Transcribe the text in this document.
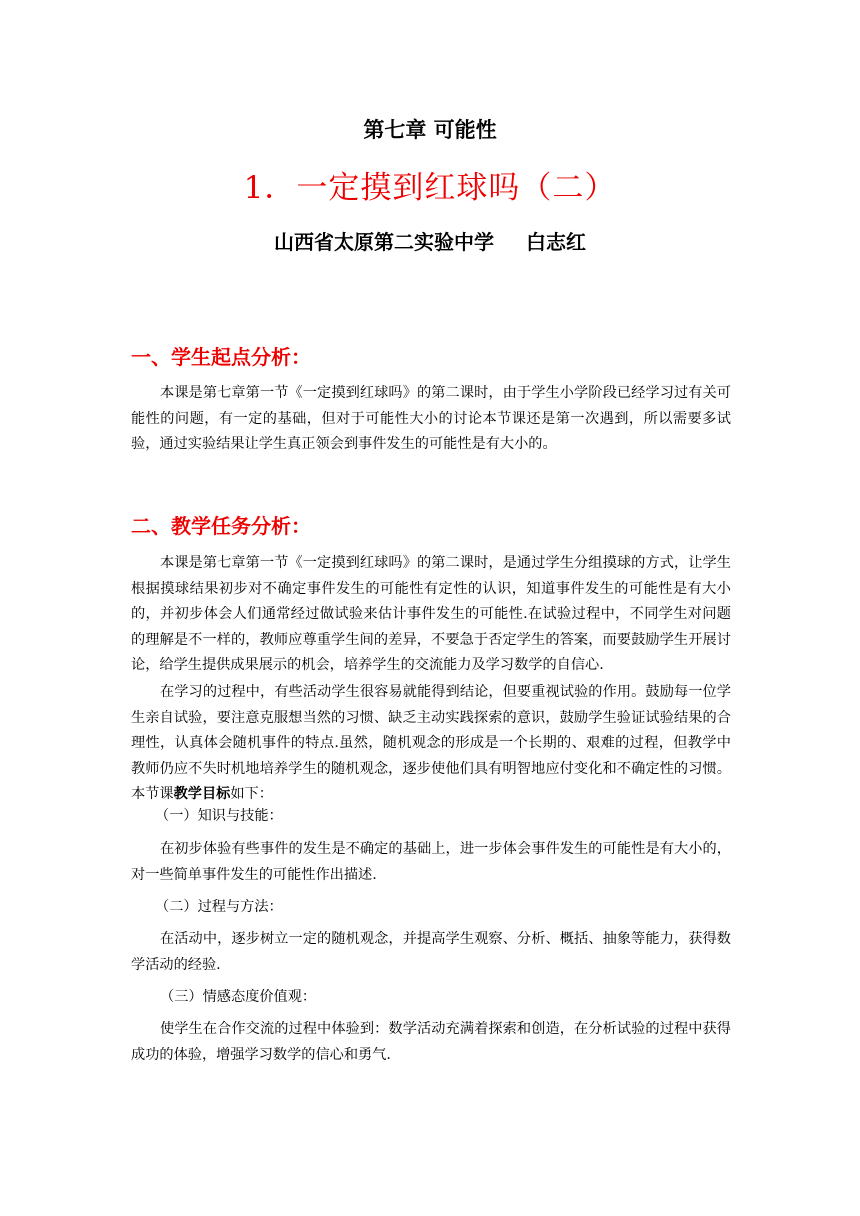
第七章 可能性
1．一定摸到红球吗（二）
山西省太原第二实验中学 白志红
一、学生起点分析：
本课是第七章第一节《一定摸到红球吗》的第二课时，由于学生小学阶段已经学习过有关可能性的问题，有一定的基础，但对于可能性大小的讨论本节课还是第一次遇到，所以需要多试验，通过实验结果让学生真正领会到事件发生的可能性是有大小的。
二、教学任务分析：
本课是第七章第一节《一定摸到红球吗》的第二课时，是通过学生分组摸球的方式，让学生根据摸球结果初步对不确定事件发生的可能性有定性的认识，知道事件发生的可能性是有大小的，并初步体会人们通常经过做试验来估计事件发生的可能性.在试验过程中，不同学生对问题的理解是不一样的，教师应尊重学生间的差异，不要急于否定学生的答案，而要鼓励学生开展讨论，给学生提供成果展示的机会，培养学生的交流能力及学习数学的自信心.
在学习的过程中，有些活动学生很容易就能得到结论，但要重视试验的作用。鼓励每一位学生亲自试验，要注意克服想当然的习惯、缺乏主动实践探索的意识，鼓励学生验证试验结果的合理性，认真体会随机事件的特点.虽然，随机观念的形成是一个长期的、艰难的过程，但教学中教师仍应不失时机地培养学生的随机观念，逐步使他们具有明智地应付变化和不确定性的习惯。本节课教学目标如下：
（一）知识与技能：
在初步体验有些事件的发生是不确定的基础上，进一步体会事件发生的可能性是有大小的，对一些简单事件发生的可能性作出描述.
（二）过程与方法：
在活动中，逐步树立一定的随机观念，并提高学生观察、分析、概括、抽象等能力，获得数学活动的经验.
（三）情感态度价值观：
使学生在合作交流的过程中体验到：数学活动充满着探索和创造，在分析试验的过程中获得成功的体验，增强学习数学的信心和勇气.
